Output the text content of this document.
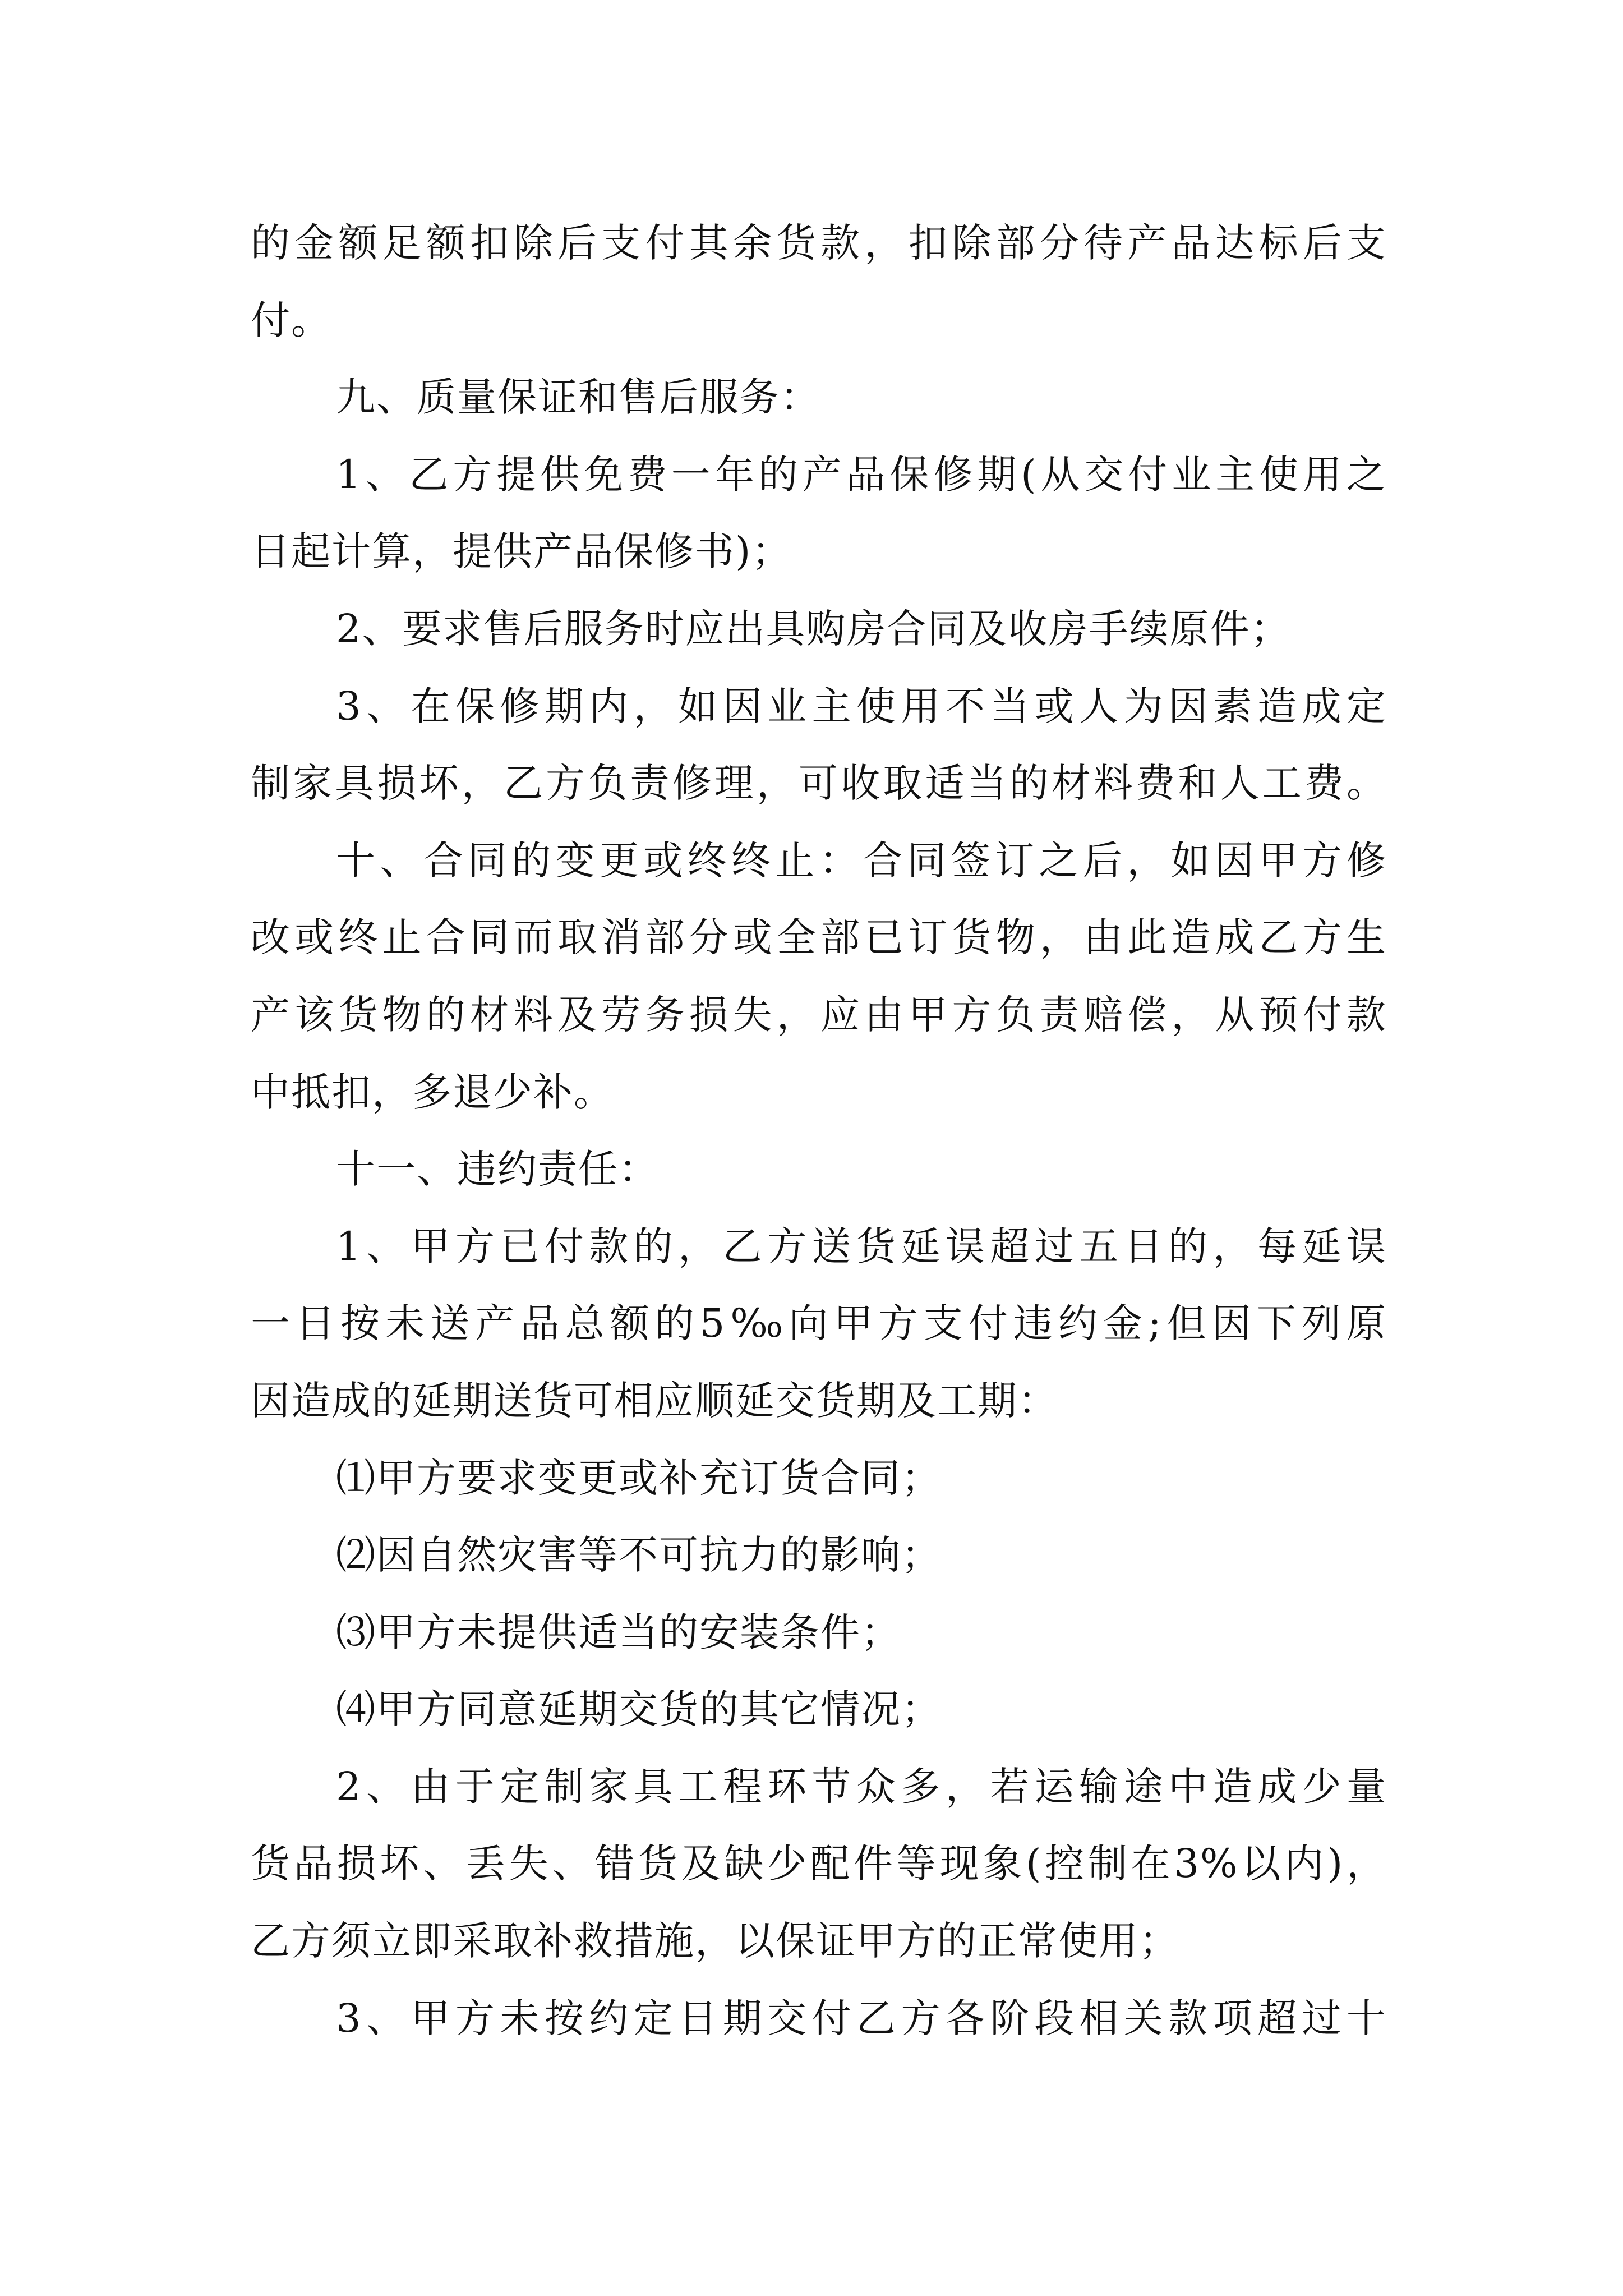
的金额足额扣除后支付其余货款，扣除部分待产品达标后支
付。
九、质量保证和售后服务：
1、乙方提供免费一年的产品保修期(从交付业主使用之
日起计算，提供产品保修书)；
2、要求售后服务时应出具购房合同及收房手续原件；
3、在保修期内，如因业主使用不当或人为因素造成定
制家具损坏，乙方负责修理，可收取适当的材料费和人工费。
十、合同的变更或终终止：合同签订之后，如因甲方修
改或终止合同而取消部分或全部已订货物，由此造成乙方生
产该货物的材料及劳务损失，应由甲方负责赔偿，从预付款
中抵扣，多退少补。
十一、违约责任：
1、甲方已付款的，乙方送货延误超过五日的，每延误
一日按未送产品总额的5‰向甲方支付违约金;但因下列原
因造成的延期送货可相应顺延交货期及工期：
⑴甲方要求变更或补充订货合同；
⑵因自然灾害等不可抗力的影响；
⑶甲方未提供适当的安装条件；
⑷甲方同意延期交货的其它情况；
2、由于定制家具工程环节众多，若运输途中造成少量
货品损坏、丢失、错货及缺少配件等现象(控制在3%以内)，
乙方须立即采取补救措施，以保证甲方的正常使用；
3、甲方未按约定日期交付乙方各阶段相关款项超过十
